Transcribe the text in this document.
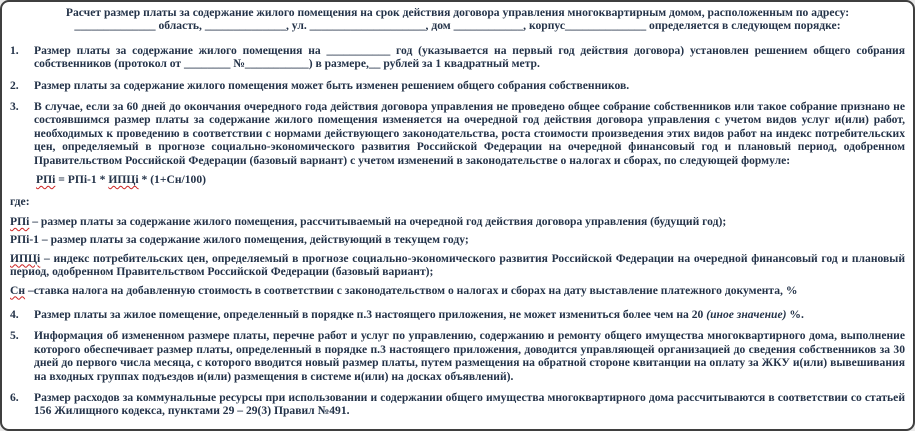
Расчет размер платы за содержание жилого помещения на срок действия договора управления многоквартирным домом, расположенным по адресу:
______________ область, ______________, ул. ____________________, дом ____________, корпус______________ определяется в следующем порядке:
1.	Размер платы за содержание жилого помещения на ___________ год (указывается на первый год действия договора) установлен решением общего собрания собственников (протокол от ________ №___________) в размере,__ рублей за 1 квадратный метр.
2.	Размер платы за содержание жилого помещения может быть изменен решением общего собрания собственников.
3.	В случае, если за 60 дней до окончания очередного года действия договора управления не проведено общее собрание собственников или такое собрание признано не состоявшимся размер платы за содержание жилого помещения изменяется на очередной год действия договора управления с учетом видов услуг и(или) работ, необходимых к проведению в соответствии с нормами действующего законодательства, роста стоимости произведения этих видов работ на индекс потребительских цен, определяемый в прогнозе социально-экономического развития Российской Федерации на очередной финансовый год и плановый период, одобренном Правительством Российской Федерации (базовый вариант) с учетом изменений в законодательстве о налогах и сборах, по следующей формуле:
РПi = РПi-1 * ИПЦi * (1+Сн/100)
где:
РПi – размер платы за содержание жилого помещения, рассчитываемый на очередной год действия договора управления (будущий год);
РПi-1 – размер платы за содержание жилого помещения, действующий в текущем году;
ИПЦi – индекс потребительских цен, определяемый в прогнозе социально-экономического развития Российской Федерации на очередной финансовый год и плановый период, одобренном Правительством Российской Федерации (базовый вариант);
Сн –ставка налога на добавленную стоимость в соответствии с законодательством о налогах и сборах на дату выставление платежного документа, %
4.	Размер платы за жилое помещение, определенный в порядке п.3 настоящего приложения, не может измениться более чем на 20 (иное значение) %.
5.	Информация об измененном размере платы, перечне работ и услуг по управлению, содержанию и ремонту общего имущества многоквартирного дома, выполнение которого обеспечивает размер платы, определенный в порядке п.3 настоящего приложения, доводится управляющей организацией до сведения собственников за 30 дней до первого числа месяца, с которого вводится новый размер платы, путем размещения на обратной стороне квитанции на оплату за ЖКУ и(или) вывешивания на входных группах подъездов и(или) размещения в системе и(или) на досках объявлений).
6.	Размер расходов за коммунальные ресурсы при использовании и содержании общего имущества многоквартирного дома рассчитываются в соответствии со статьей 156 Жилищного кодекса, пунктами 29 – 29(3) Правил №491.
